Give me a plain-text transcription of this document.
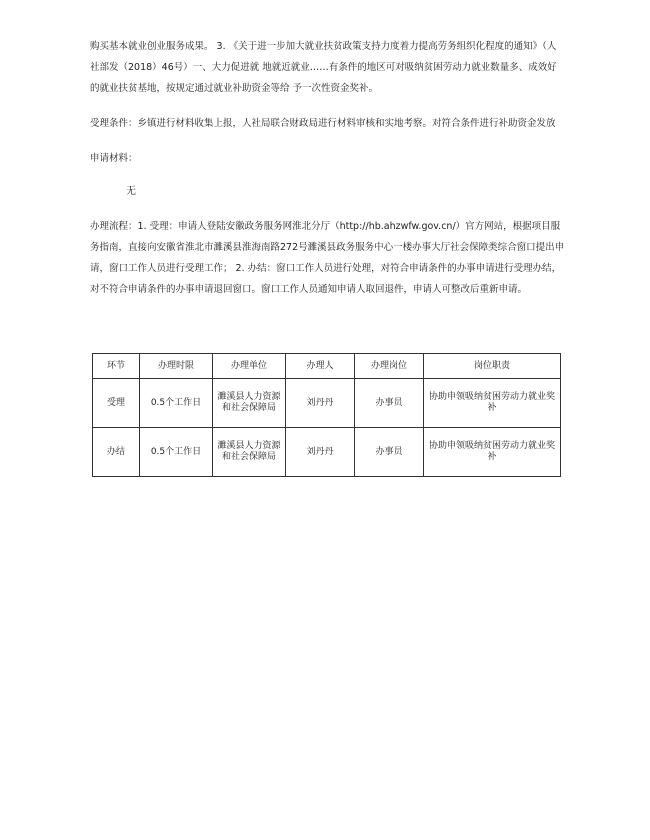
购买基本就业创业服务成果。 3. 《关于进一步加大就业扶贫政策支持力度着力提高劳务组织化程度的通知》（人社部发（2018）46号）一、大力促进就 地就近就业……有条件的地区可对吸纳贫困劳动力就业数量多、成效好的就业扶贫基地，按规定通过就业补助资金等给 予一次性资金奖补。

受理条件：乡镇进行材料收集上报，人社局联合财政局进行材料审核和实地考察。对符合条件进行补助资金发放

申请材料：

无

办理流程：1. 受理：申请人登陆安徽政务服务网淮北分厅（http://hb.ahzwfw.gov.cn/）官方网站，根据项目服务指南，直接向安徽省淮北市濉溪县淮海南路272号濉溪县政务服务中心一楼办事大厅社会保障类综合窗口提出申请，窗口工作人员进行受理工作； 2. 办结：窗口工作人员进行处理，对符合申请条件的办事申请进行受理办结，对不符合申请条件的办事申请退回窗口。窗口工作人员通知申请人取回退件，申请人可整改后重新申请。

环节	办理时限	办理单位	办理人	办理岗位	岗位职责
受理	0.5个工作日	濉溪县人力资源和社会保障局	刘丹丹	办事员	协助申领吸纳贫困劳动力就业奖补
办结	0.5个工作日	濉溪县人力资源和社会保障局	刘丹丹	办事员	协助申领吸纳贫困劳动力就业奖补
